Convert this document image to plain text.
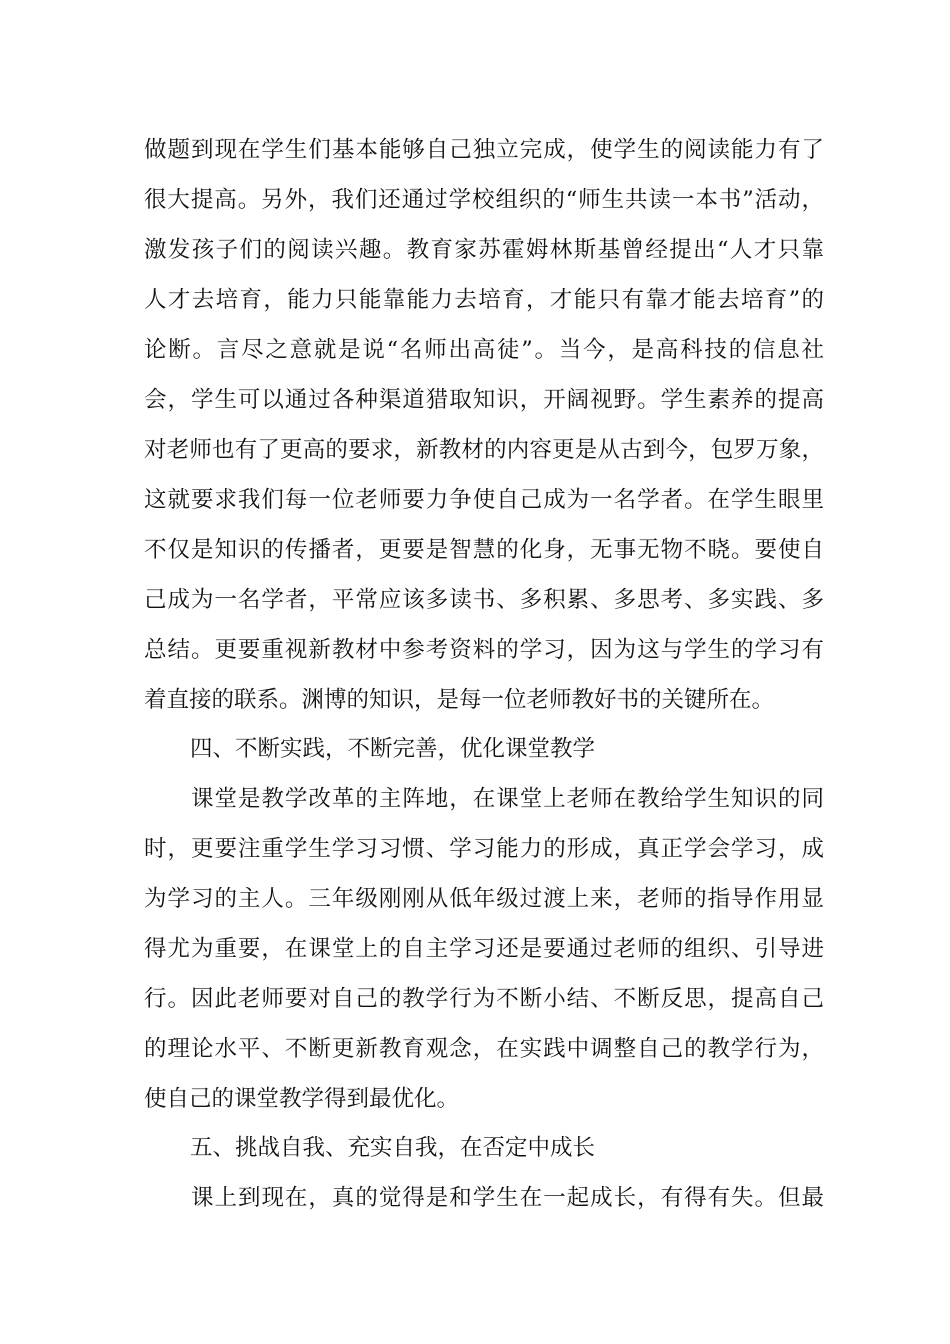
做题到现在学生们基本能够自己独立完成，使学生的阅读能力有了
很大提高。另外，我们还通过学校组织的“师生共读一本书”活动，
激发孩子们的阅读兴趣。教育家苏霍姆林斯基曾经提出“人才只靠
人才去培育，能力只能靠能力去培育，才能只有靠才能去培育”的
论断。言尽之意就是说“名师出高徒”。当今，是高科技的信息社
会，学生可以通过各种渠道猎取知识，开阔视野。学生素养的提高
对老师也有了更高的要求，新教材的内容更是从古到今，包罗万象，
这就要求我们每一位老师要力争使自己成为一名学者。在学生眼里
不仅是知识的传播者，更要是智慧的化身，无事无物不晓。要使自
己成为一名学者，平常应该多读书、多积累、多思考、多实践、多
总结。更要重视新教材中参考资料的学习，因为这与学生的学习有
着直接的联系。渊博的知识，是每一位老师教好书的关键所在。
四、不断实践，不断完善，优化课堂教学
课堂是教学改革的主阵地，在课堂上老师在教给学生知识的同
时，更要注重学生学习习惯、学习能力的形成，真正学会学习，成
为学习的主人。三年级刚刚从低年级过渡上来，老师的指导作用显
得尤为重要，在课堂上的自主学习还是要通过老师的组织、引导进
行。因此老师要对自己的教学行为不断小结、不断反思，提高自己
的理论水平、不断更新教育观念，在实践中调整自己的教学行为，
使自己的课堂教学得到最优化。
五、挑战自我、充实自我，在否定中成长
课上到现在，真的觉得是和学生在一起成长，有得有失。但最
